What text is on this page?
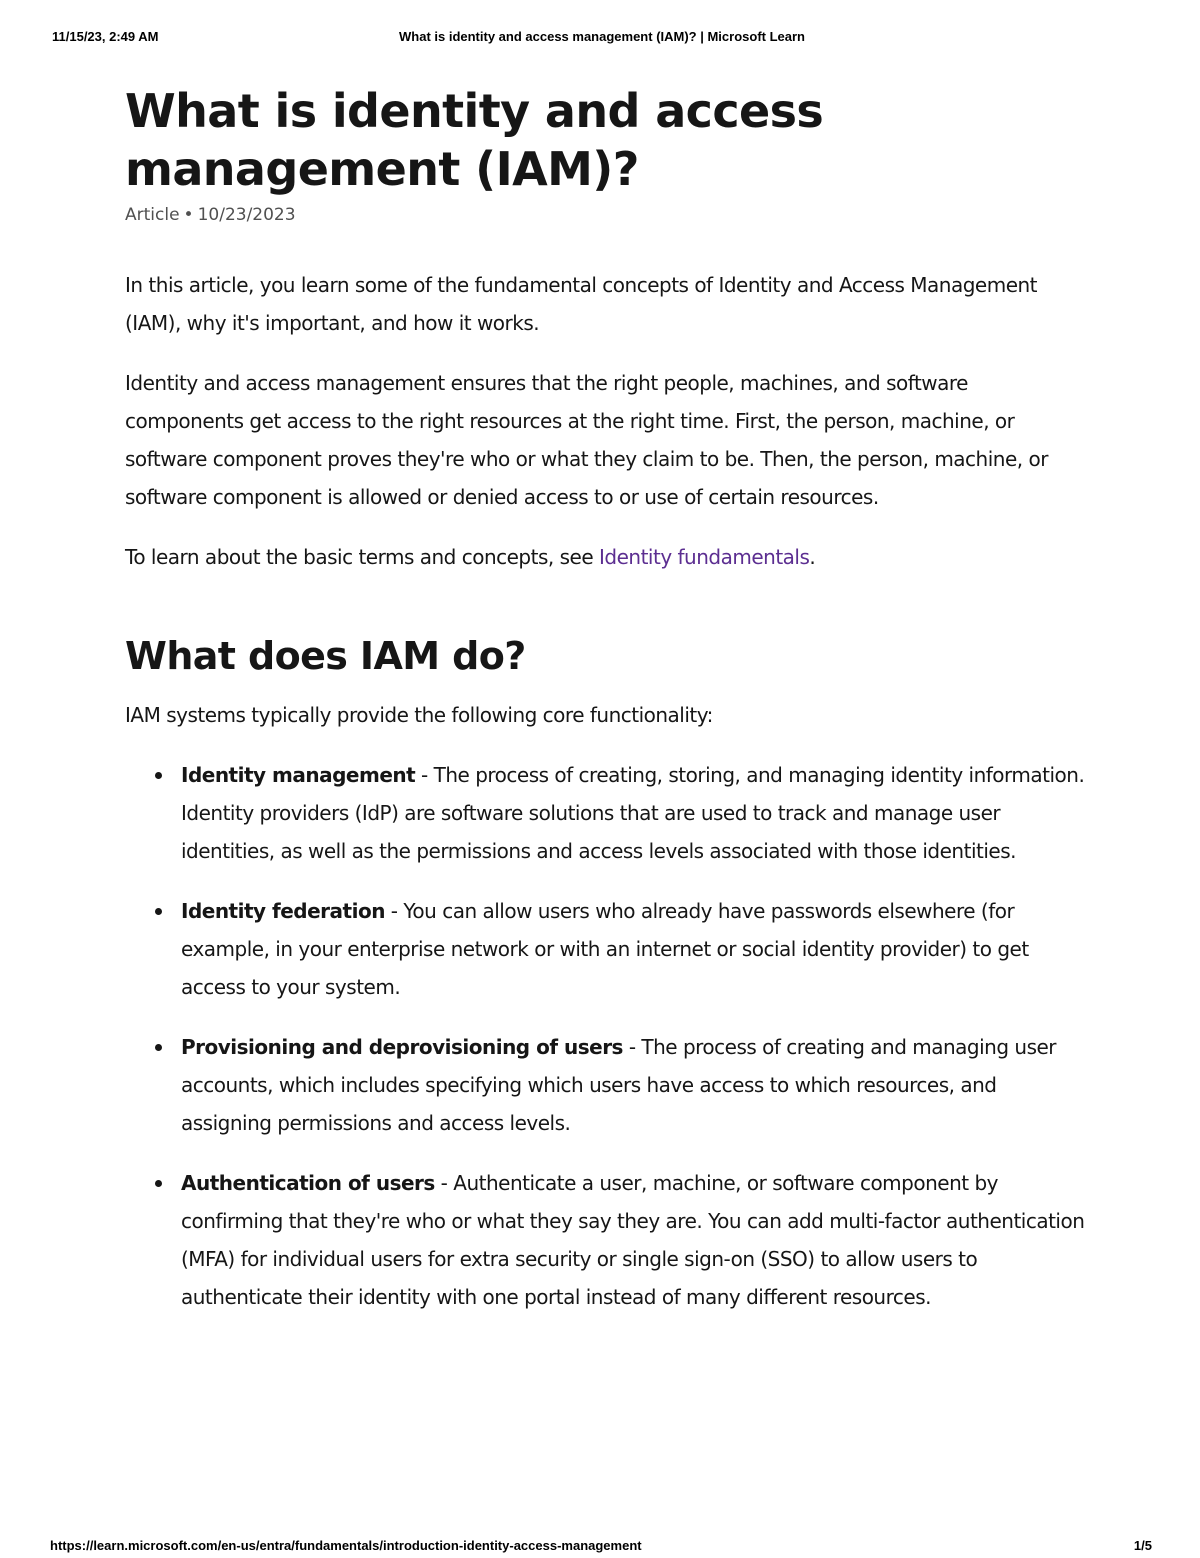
11/15/23, 2:49 AM	What is identity and access management (IAM)? | Microsoft Learn
What is identity and access management (IAM)?
Article • 10/23/2023

In this article, you learn some of the fundamental concepts of Identity and Access Management (IAM), why it's important, and how it works.

Identity and access management ensures that the right people, machines, and software components get access to the right resources at the right time. First, the person, machine, or software component proves they're who or what they claim to be. Then, the person, machine, or software component is allowed or denied access to or use of certain resources.

To learn about the basic terms and concepts, see Identity fundamentals.

What does IAM do?

IAM systems typically provide the following core functionality:

Identity management - The process of creating, storing, and managing identity information. Identity providers (IdP) are software solutions that are used to track and manage user identities, as well as the permissions and access levels associated with those identities.
Identity federation - You can allow users who already have passwords elsewhere (for example, in your enterprise network or with an internet or social identity provider) to get access to your system.
Provisioning and deprovisioning of users - The process of creating and managing user accounts, which includes specifying which users have access to which resources, and assigning permissions and access levels.
Authentication of users - Authenticate a user, machine, or software component by confirming that they're who or what they say they are. You can add multi-factor authentication (MFA) for individual users for extra security or single sign-on (SSO) to allow users to authenticate their identity with one portal instead of many different resources.
https://learn.microsoft.com/en-us/entra/fundamentals/introduction-identity-access-management	1/5
